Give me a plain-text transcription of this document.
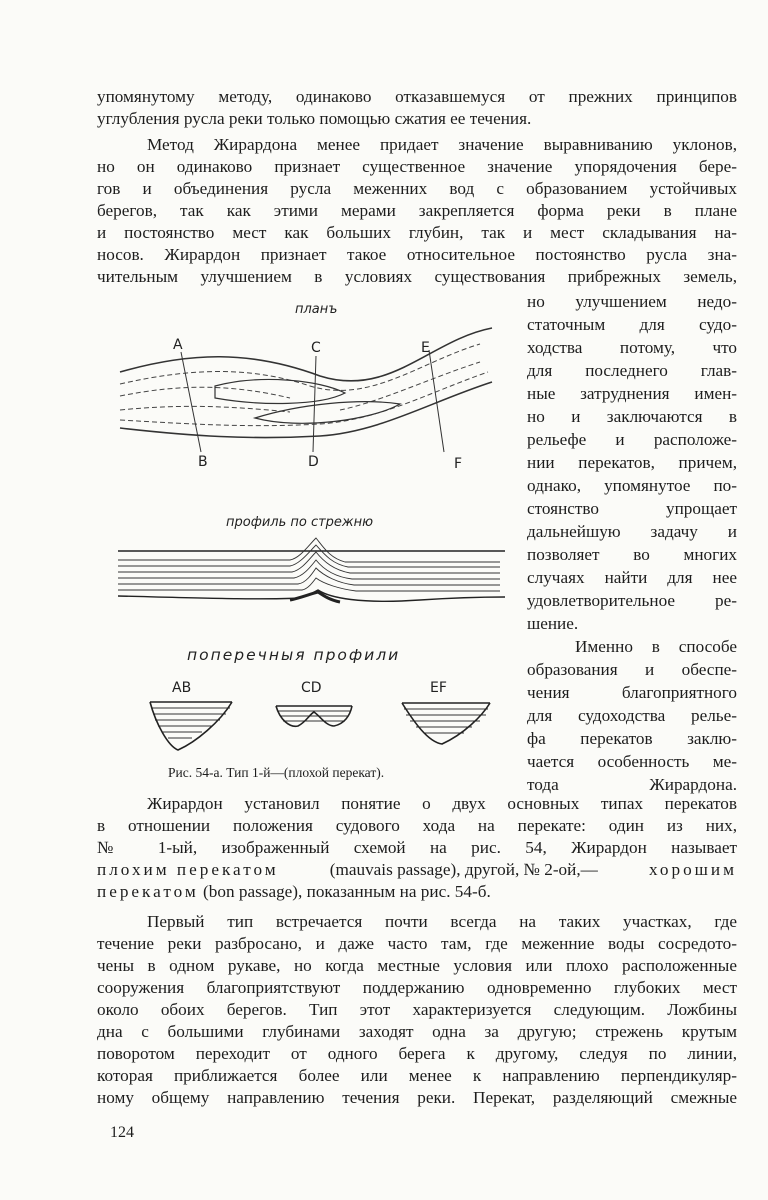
упомянутому методу, одинаково отказавшемуся от прежних принципов
углубления русла реки только помощью сжатия ее течения.
Метод Жирардона менее придает значение выравниванию уклонов,
но он одинаково признает существенное значение упорядочения бере-
гов и объединения русла меженних вод с образованием устойчивых
берегов, так как этими мерами закрепляется форма реки в плане
и постоянство мест как больших глубин, так и мест складывания на-
носов. Жирардон признает такое относительное постоянство русла зна-
чительным улучшением в условиях существования прибрежных земель,
но улучшением недо-
статочным для судо-
ходства потому, что
для последнего глав-
ные затруднения имен-
но и заключаются в
рельефе и расположе-
нии перекатов, причем,
однако, упомянутое по-
стоянство упрощает
дальнейшую задачу и
позволяет во многих
случаях найти для нее
удовлетворительное ре-
шение.
Именно в способе
образования и обеспе-
чения благоприятного
для судоходства рельe-
фа перекатов заклю-
чается особенность ме-
тода Жирардона.
планъ
A
B
C
D
E
F
профиль по стрежню
поперечныя профили
AB	CD	EF
Рис. 54-а. Тип 1-й—(плохой перекат).
Жирардон установил понятие о двух основных типах перекатов
в отношении положения судового хода на перекате: один из них,
№ 1-ый, изображенный схемой на рис. 54, Жирардон называет
плохим перекатом	(mauvais passage), другой, № 2-ой,—	хорошим
перекатом (bon passage), показанным на рис. 54-б.
Первый тип встречается почти всегда на таких участках, где
течение реки разбросано, и даже часто там, где меженние воды сосредото-
чены в одном рукаве, но когда местные условия или плохо расположенные
сооружения благоприятствуют поддержанию одновременно глубоких мест
около обоих берегов. Тип этот характеризуется следующим. Ложбины
дна с большими глубинами заходят одна за другую; стрежень крутым
поворотом переходит от одного берега к другому, следуя по линии,
которая приближается более или менее к направлению перпендикуляр-
ному общему направлению течения реки. Перекат, разделяющий смежные
124
